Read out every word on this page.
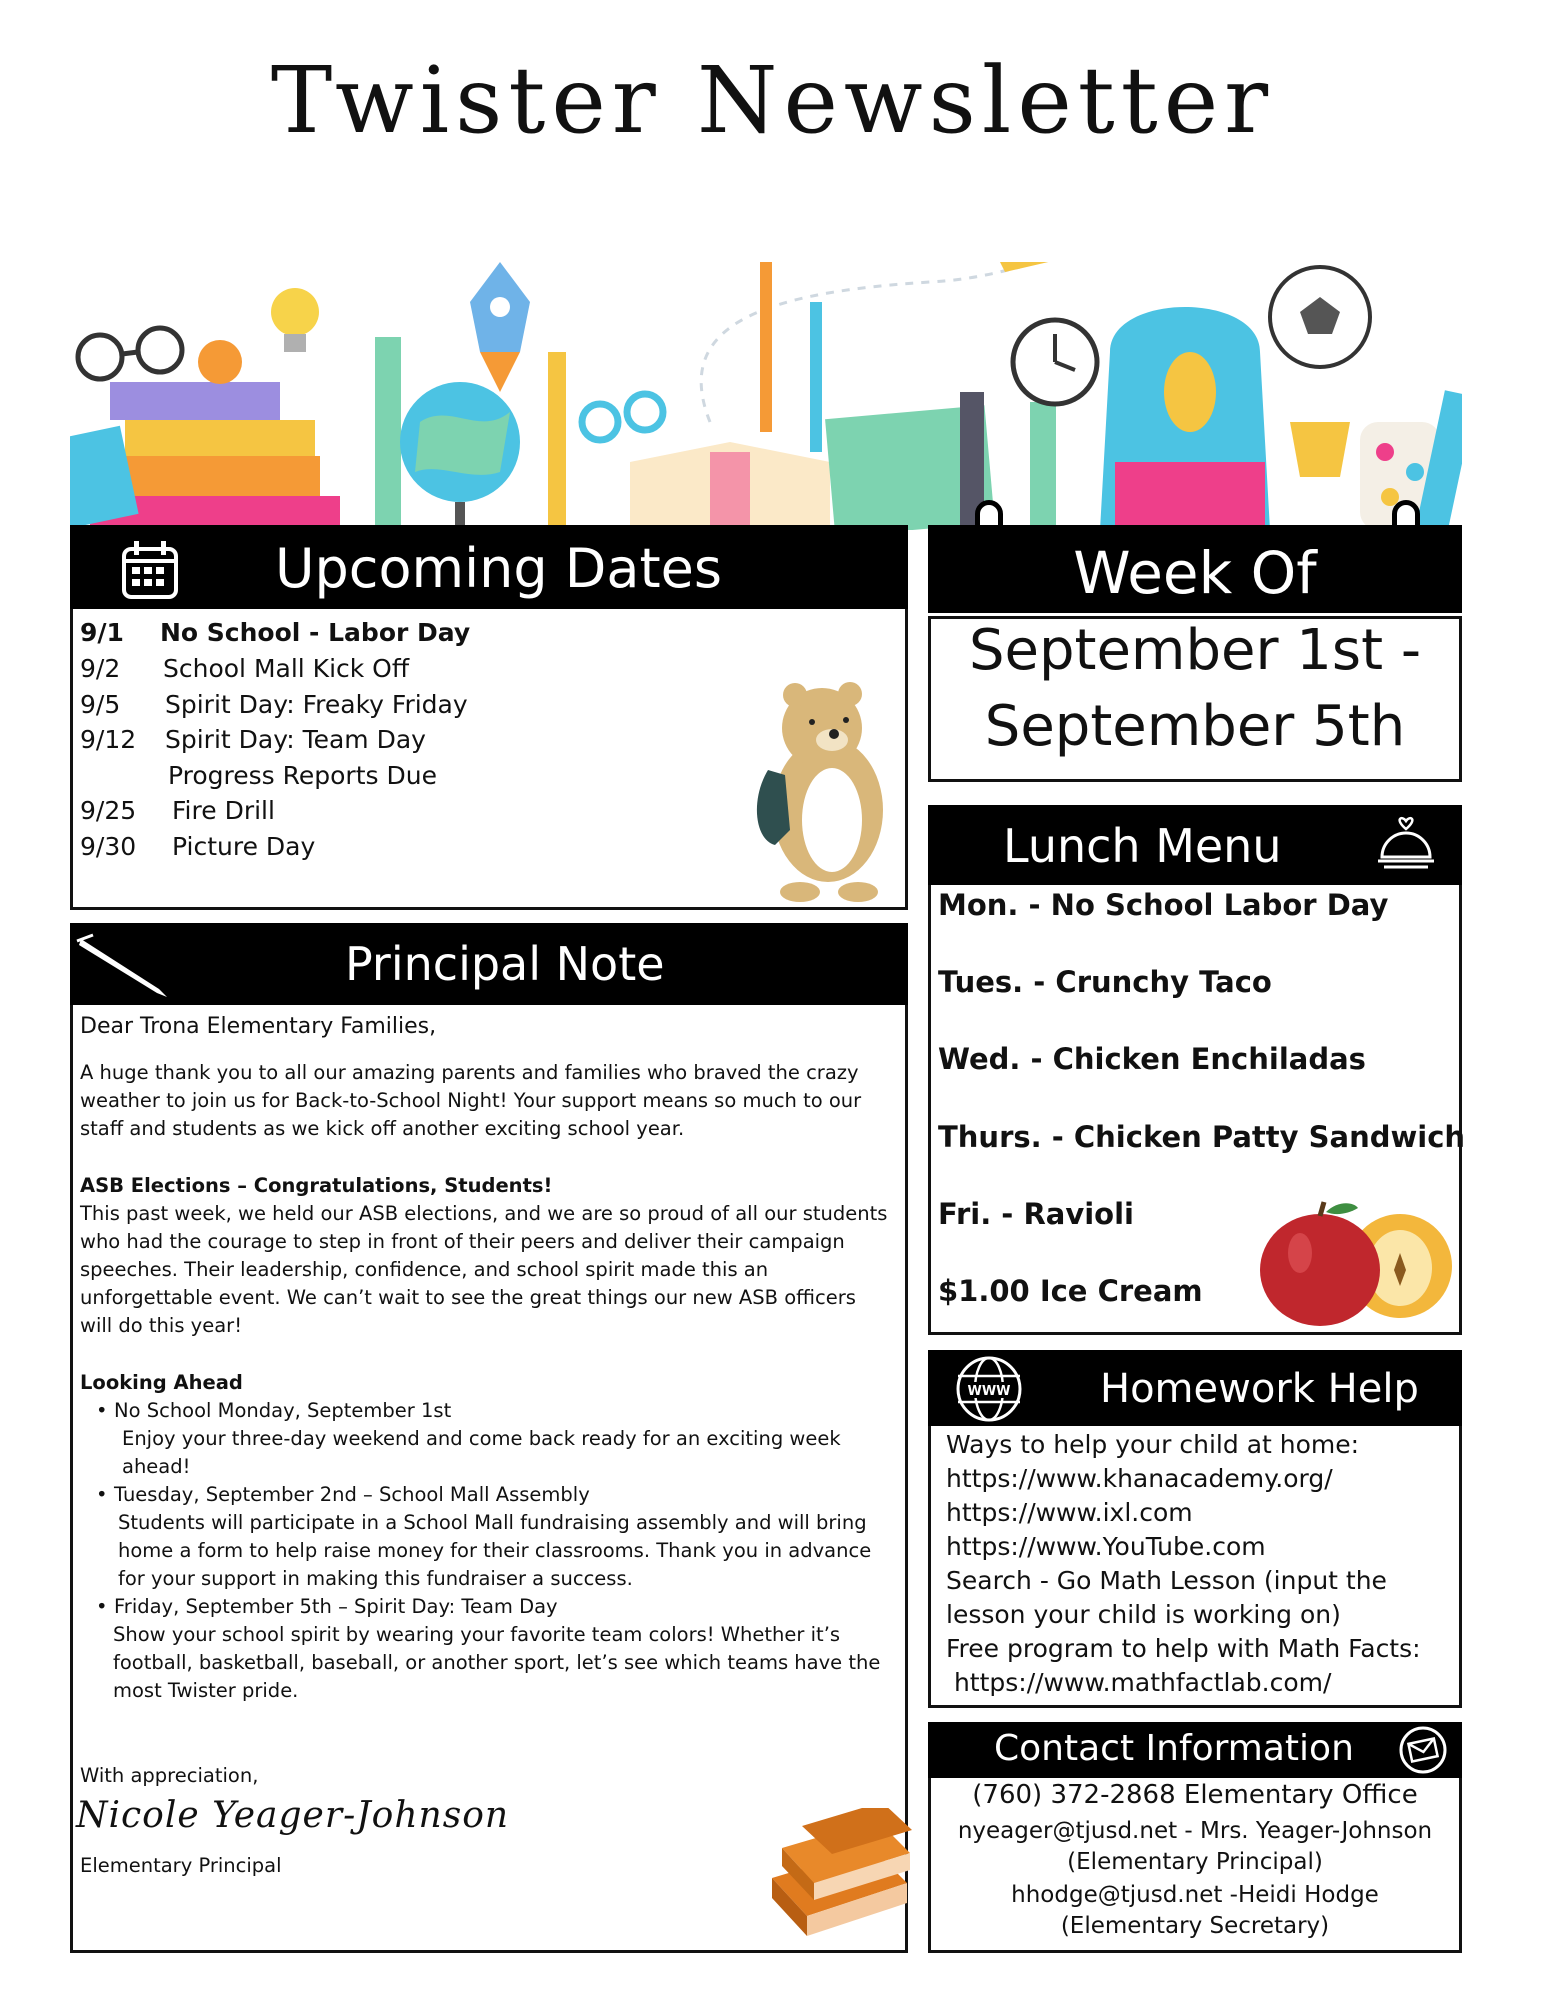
Twister Newsletter
Upcoming Dates
9/1 No School - Labor Day
9/2 School Mall Kick Off
9/5 Spirit Day: Freaky Friday
9/12 Spirit Day: Team Day
Progress Reports Due
9/25 Fire Drill
9/30 Picture Day
Week Of
September 1st -
September 5th
Lunch Menu
Mon. - No School Labor Day
Tues. - Crunchy Taco
Wed. - Chicken Enchiladas
Thurs. - Chicken Patty Sandwich
Fri. - Ravioli
$1.00 Ice Cream
Principal Note
Dear Trona Elementary Families,
A huge thank you to all our amazing parents and families who braved the crazy
weather to join us for Back-to-School Night! Your support means so much to our
staff and students as we kick off another exciting school year.
ASB Elections – Congratulations, Students!
This past week, we held our ASB elections, and we are so proud of all our students
who had the courage to step in front of their peers and deliver their campaign
speeches. Their leadership, confidence, and school spirit made this an
unforgettable event. We can’t wait to see the great things our new ASB officers
will do this year!
Looking Ahead
• No School Monday, September 1st
Enjoy your three-day weekend and come back ready for an exciting week
ahead!
• Tuesday, September 2nd – School Mall Assembly
Students will participate in a School Mall fundraising assembly and will bring
home a form to help raise money for their classrooms. Thank you in advance
for your support in making this fundraiser a success.
• Friday, September 5th – Spirit Day: Team Day
Show your school spirit by wearing your favorite team colors! Whether it’s
football, basketball, baseball, or another sport, let’s see which teams have the
most Twister pride.
With appreciation,
Nicole Yeager-Johnson
Elementary Principal
WWW Homework Help
Ways to help your child at home:
https://www.khanacademy.org/
https://www.ixl.com
https://www.YouTube.com
Search - Go Math Lesson (input the
lesson your child is working on)
Free program to help with Math Facts:
https://www.mathfactlab.com/
Contact Information
(760) 372-2868 Elementary Office
nyeager@tjusd.net - Mrs. Yeager-Johnson
(Elementary Principal)
hhodge@tjusd.net -Heidi Hodge
(Elementary Secretary)
